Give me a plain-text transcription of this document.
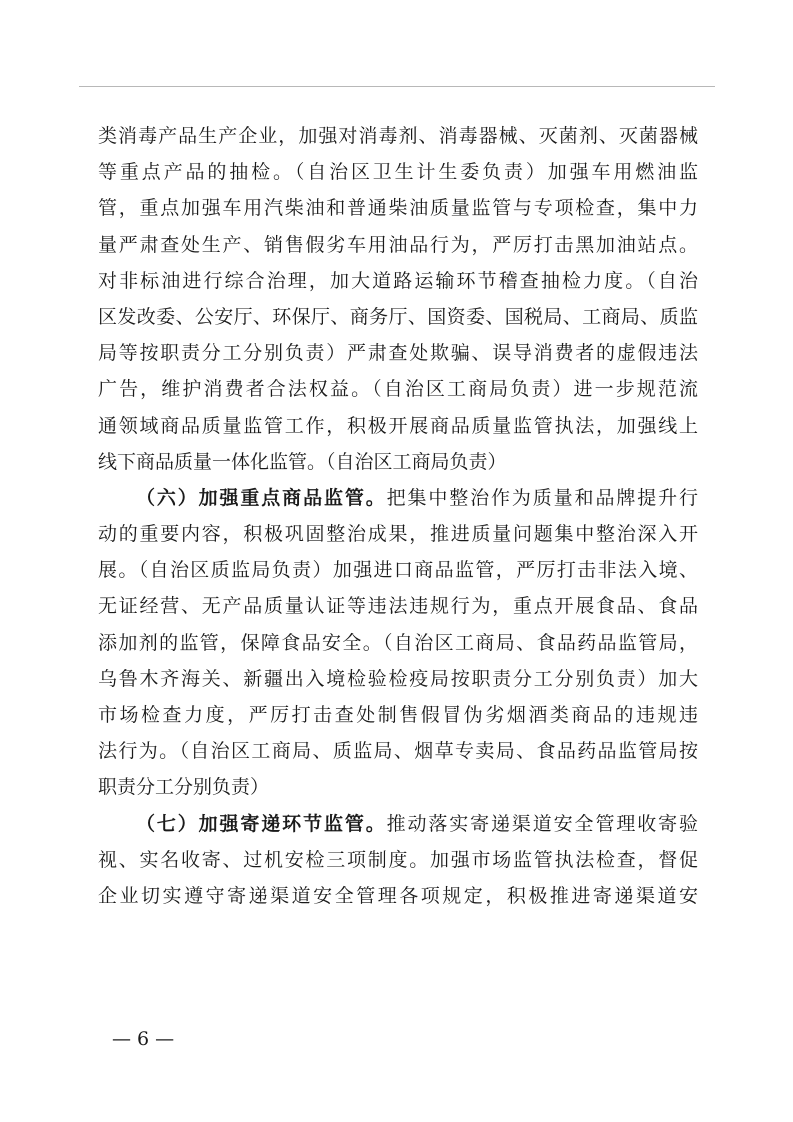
类消毒产品生产企业，加强对消毒剂、消毒器械、灭菌剂、灭菌器械
等重点产品的抽检。（自治区卫生计生委负责）加强车用燃油监
管，重点加强车用汽柴油和普通柴油质量监管与专项检查，集中力
量严肃查处生产、销售假劣车用油品行为，严厉打击黑加油站点。
对非标油进行综合治理，加大道路运输环节稽查抽检力度。（自治
区发改委、公安厅、环保厅、商务厅、国资委、国税局、工商局、质监
局等按职责分工分别负责）严肃查处欺骗、误导消费者的虚假违法
广告，维护消费者合法权益。（自治区工商局负责）进一步规范流
通领域商品质量监管工作，积极开展商品质量监管执法，加强线上
线下商品质量一体化监管。（自治区工商局负责）
（六）加强重点商品监管。把集中整治作为质量和品牌提升行
动的重要内容，积极巩固整治成果，推进质量问题集中整治深入开
展。（自治区质监局负责）加强进口商品监管，严厉打击非法入境、
无证经营、无产品质量认证等违法违规行为，重点开展食品、食品
添加剂的监管，保障食品安全。（自治区工商局、食品药品监管局，
乌鲁木齐海关、新疆出入境检验检疫局按职责分工分别负责）加大
市场检查力度，严厉打击查处制售假冒伪劣烟酒类商品的违规违
法行为。（自治区工商局、质监局、烟草专卖局、食品药品监管局按
职责分工分别负责）
（七）加强寄递环节监管。推动落实寄递渠道安全管理收寄验
视、实名收寄、过机安检三项制度。加强市场监管执法检查，督促
企业切实遵守寄递渠道安全管理各项规定，积极推进寄递渠道安
— 6 —
